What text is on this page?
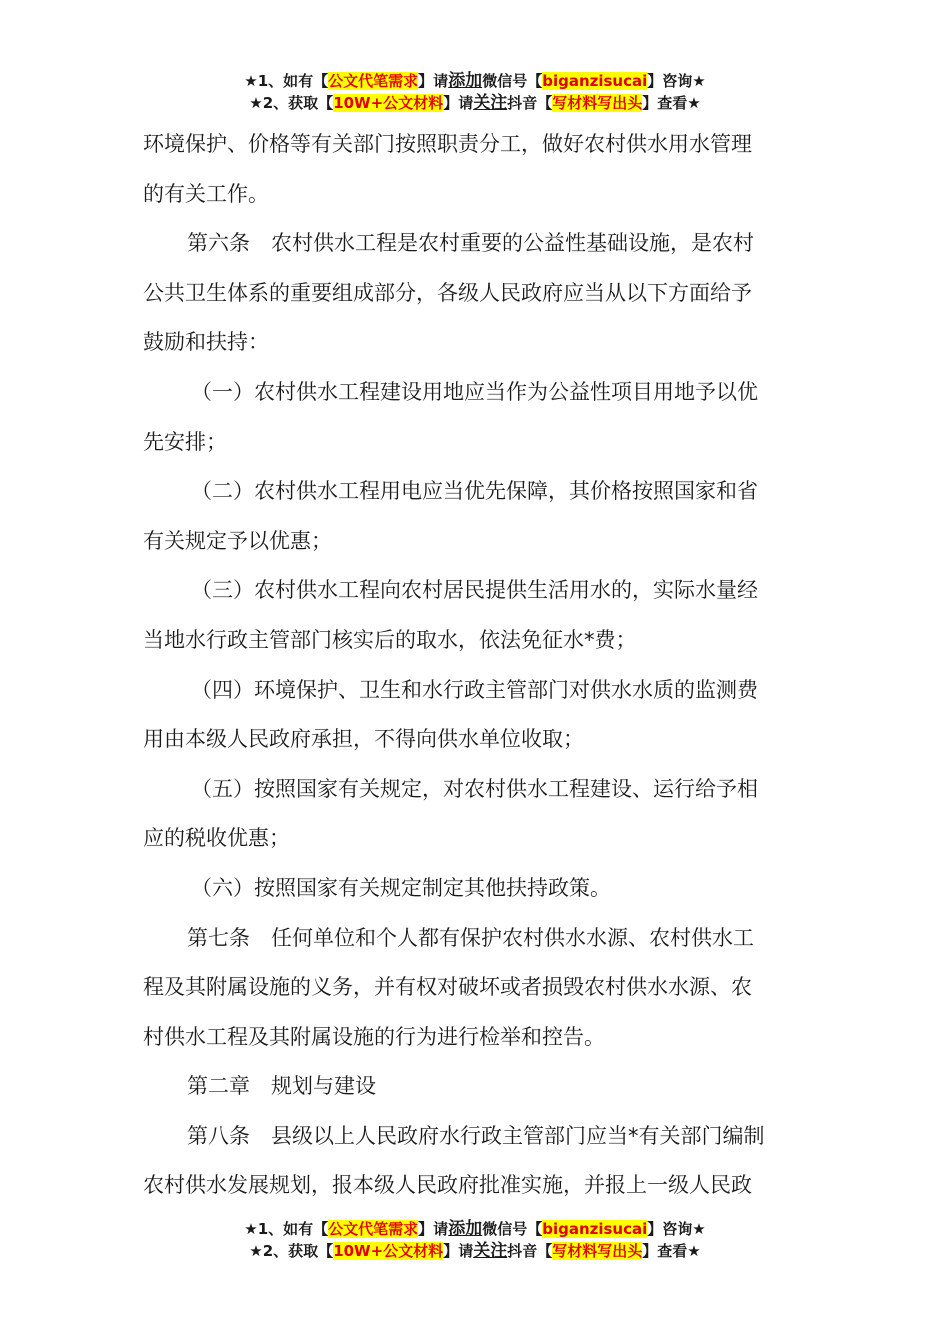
★1、如有【公文代笔需求】请添加微信号【biganzisucai】咨询★
★2、获取【10W+公文材料】请关注抖音【写材料写出头】查看★

环境保护、价格等有关部门按照职责分工，做好农村供水用水管理

的有关工作。

第六条　农村供水工程是农村重要的公益性基础设施，是农村

公共卫生体系的重要组成部分，各级人民政府应当从以下方面给予

鼓励和扶持：

（一）农村供水工程建设用地应当作为公益性项目用地予以优

先安排；

（二）农村供水工程用电应当优先保障，其价格按照国家和省

有关规定予以优惠；

（三）农村供水工程向农村居民提供生活用水的，实际水量经

当地水行政主管部门核实后的取水，依法免征水*费；

（四）环境保护、卫生和水行政主管部门对供水水质的监测费

用由本级人民政府承担，不得向供水单位收取；

（五）按照国家有关规定，对农村供水工程建设、运行给予相

应的税收优惠；

（六）按照国家有关规定制定其他扶持政策。

第七条　任何单位和个人都有保护农村供水水源、农村供水工

程及其附属设施的义务，并有权对破坏或者损毁农村供水水源、农

村供水工程及其附属设施的行为进行检举和控告。

第二章　规划与建设

第八条　县级以上人民政府水行政主管部门应当*有关部门编制

农村供水发展规划，报本级人民政府批准实施，并报上一级人民政

★1、如有【公文代笔需求】请添加微信号【biganzisucai】咨询★
★2、获取【10W+公文材料】请关注抖音【写材料写出头】查看★
